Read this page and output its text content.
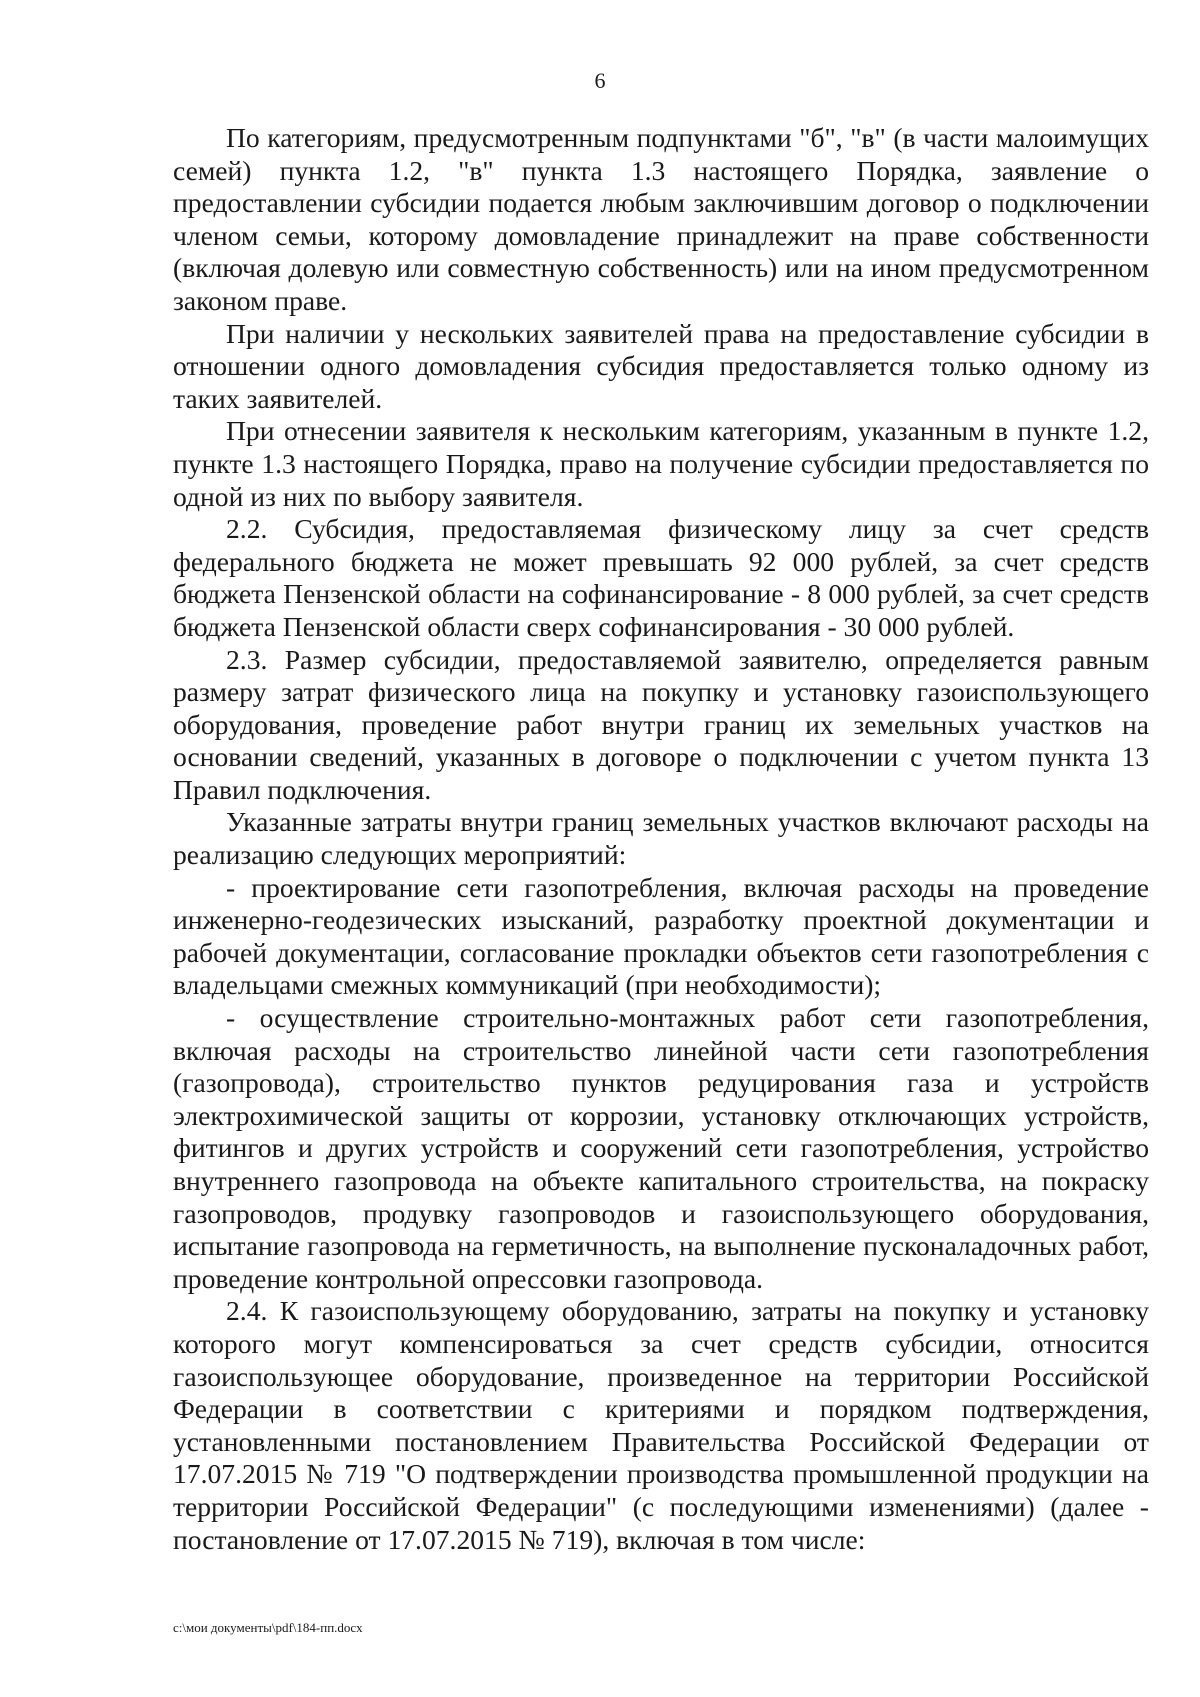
6

По категориям, предусмотренным подпунктами "б", "в" (в части малоимущих семей) пункта 1.2, "в" пункта 1.3 настоящего Порядка, заявление о предоставлении субсидии подается любым заключившим договор о подключении членом семьи, которому домовладение принадлежит на праве собственности (включая долевую или совместную собственность) или на ином предусмотренном законом праве.

При наличии у нескольких заявителей права на предоставление субсидии в отношении одного домовладения субсидия предоставляется только одному из таких заявителей.

При отнесении заявителя к нескольким категориям, указанным в пункте 1.2, пункте 1.3 настоящего Порядка, право на получение субсидии предоставляется по одной из них по выбору заявителя.

2.2. Субсидия, предоставляемая физическому лицу за счет средств федерального бюджета не может превышать 92 000 рублей, за счет средств бюджета Пензенской области на софинансирование - 8 000 рублей, за счет средств бюджета Пензенской области сверх софинансирования - 30 000 рублей.

2.3. Размер субсидии, предоставляемой заявителю, определяется равным размеру затрат физического лица на покупку и установку газоиспользующего оборудования, проведение работ внутри границ их земельных участков на основании сведений, указанных в договоре о подключении с учетом пункта 13 Правил подключения.

Указанные затраты внутри границ земельных участков включают расходы на реализацию следующих мероприятий:

- проектирование сети газопотребления, включая расходы на проведение инженерно-геодезических изысканий, разработку проектной документации и рабочей документации, согласование прокладки объектов сети газопотребления с владельцами смежных коммуникаций (при необходимости);

- осуществление строительно-монтажных работ сети газопотребления, включая расходы на строительство линейной части сети газопотребления (газопровода), строительство пунктов редуцирования газа и устройств электрохимической защиты от коррозии, установку отключающих устройств, фитингов и других устройств и сооружений сети газопотребления, устройство внутреннего газопровода на объекте капитального строительства, на покраску газопроводов, продувку газопроводов и газоиспользующего оборудования, испытание газопровода на герметичность, на выполнение пусконаладочных работ, проведение контрольной опрессовки газопровода.

2.4. К газоиспользующему оборудованию, затраты на покупку и установку которого могут компенсироваться за счет средств субсидии, относится газоиспользующее оборудование, произведенное на территории Российской Федерации в соответствии с критериями и порядком подтверждения, установленными постановлением Правительства Российской Федерации от 17.07.2015 № 719 "О подтверждении производства промышленной продукции на территории Российской Федерации" (с последующими изменениями) (далее - постановление от 17.07.2015 № 719), включая в том числе:

c:\мои документы\pdf\184-пп.docx
